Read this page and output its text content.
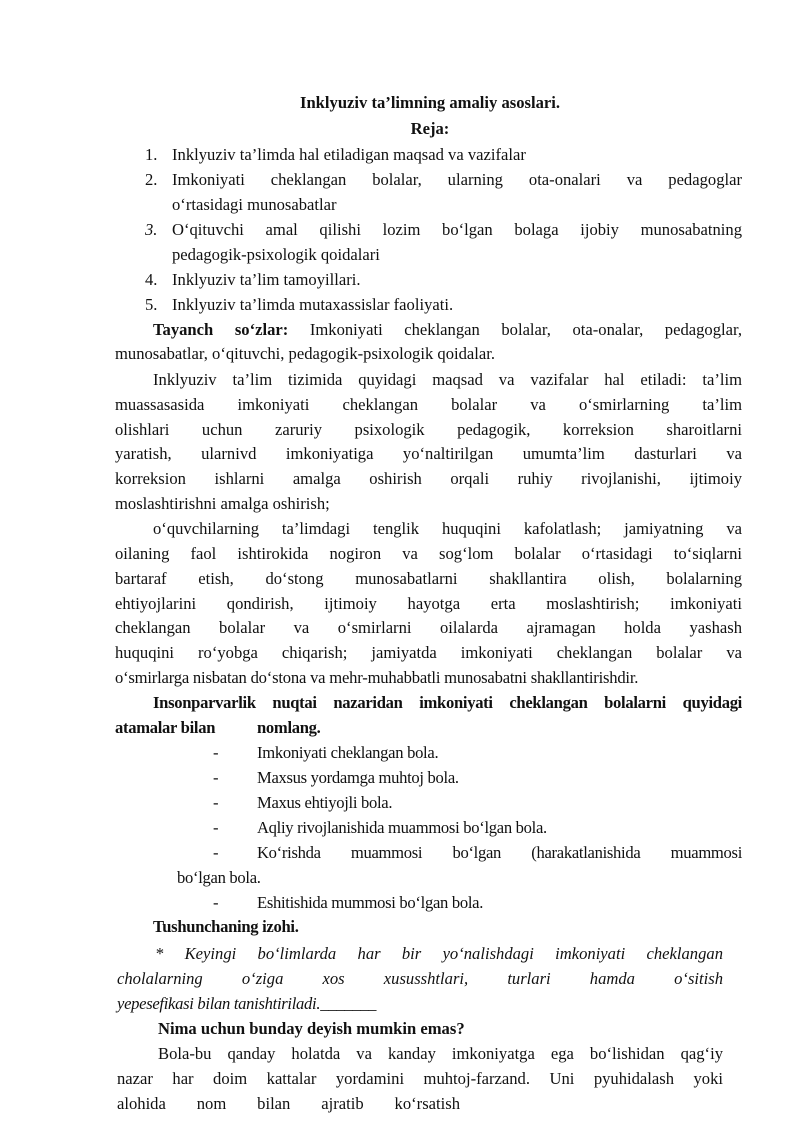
Inklyuziv ta’limning amaliy asoslari.
Reja:
1. Inklyuziv ta’limda hal etiladigan maqsad va vazifalar
2. Imkoniyati cheklangan bolalar, ularning ota-onalari va pedagoglar
o‘rtasidagi munosabatlar
3. O‘qituvchi amal qilishi lozim bo‘lgan bolaga ijobiy munosabatning
pedagogik-psixologik qoidalari
4. Inklyuziv ta’lim tamoyillari.
5. Inklyuziv ta’limda mutaxassislar faoliyati.
Tayanch so‘zlar: Imkoniyati cheklangan bolalar, ota-onalar, pedagoglar,
munosabatlar, o‘qituvchi, pedagogik-psixologik qoidalar.
Inklyuziv ta’lim tizimida quyidagi maqsad va vazifalar hal etiladi: ta’lim
muassasasida imkoniyati cheklangan bolalar va o‘smirlarning ta’lim
olishlari uchun zaruriy psixologik pedagogik, korreksion sharoitlarni
yaratish, ularnivd imkoniyatiga yo‘naltirilgan umumta’lim dasturlari va
korreksion ishlarni amalga oshirish orqali ruhiy rivojlanishi, ijtimoiy
moslashtirishni amalga oshirish;
o‘quvchilarning ta’limdagi tenglik huquqini kafolatlash; jamiyatning va
oilaning faol ishtirokida nogiron va sog‘lom bolalar o‘rtasidagi to‘siqlarni
bartaraf etish, do‘stong munosabatlarni shakllantira olish, bolalarning
ehtiyojlarini qondirish, ijtimoiy hayotga erta moslashtirish; imkoniyati
cheklangan bolalar va o‘smirlarni oilalarda ajramagan holda yashash
huquqini ro‘yobga chiqarish; jamiyatda imkoniyati cheklangan bolalar va
o‘smirlarga nisbatan do‘stona va mehr-muhabbatli munosabatni shakllantirishdir.
Insonparvarlik nuqtai nazaridan imkoniyati cheklangan bolalarni quyidagi
atamalar bilan	nomlang.
- Imkoniyati cheklangan bola.
- Maxsus yordamga muhtoj bola.
- Maxus ehtiyojli bola.
- Aqliy rivojlanishida muammosi bo‘lgan bola.
- Ko‘rishda muammosi bo‘lgan (harakatlanishida muammosi
bo‘lgan bola.
- Eshitishida mummosi bo‘lgan bola.
Tushunchaning izohi.
* Keyingi bo‘limlarda har bir yo‘nalishdagi imkoniyati cheklangan
cholalarning o‘ziga xos xususshtlari, turlari hamda o‘sitish
yepesefikasi bilan tanishtiriladi._______
Nima uchun bunday deyish mumkin emas?
Bola-bu qanday holatda va kanday imkoniyatga ega bo‘lishidan qag‘iy
nazar har doim kattalar yordamini muhtoj-farzand. Uni pyuhidalash yoki
alohida nom bilan ajratib ko‘rsatish
